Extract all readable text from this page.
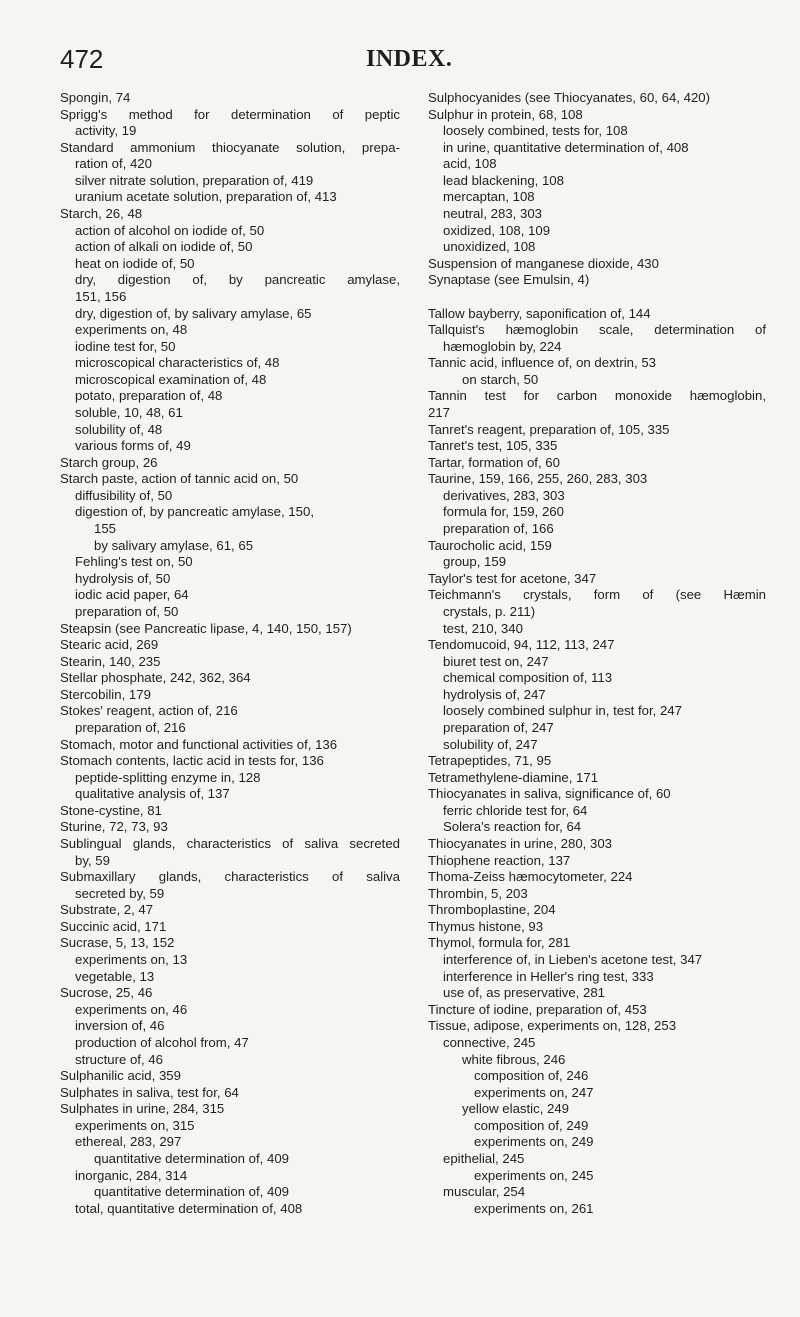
472	INDEX.
Spongin, 74
Sprigg's method for determination of peptic
activity, 19
Standard ammonium thiocyanate solution, prepa-
ration of, 420
silver nitrate solution, preparation of, 419
uranium acetate solution, preparation of, 413
Starch, 26, 48
action of alcohol on iodide of, 50
action of alkali on iodide of, 50
heat on iodide of, 50
dry, digestion of, by pancreatic amylase,
151, 156
dry, digestion of, by salivary amylase, 65
experiments on, 48
iodine test for, 50
microscopical characteristics of, 48
microscopical examination of, 48
potato, preparation of, 48
soluble, 10, 48, 61
solubility of, 48
various forms of, 49
Starch group, 26
Starch paste, action of tannic acid on, 50
diffusibility of, 50
digestion of, by pancreatic amylase, 150,
155
by salivary amylase, 61, 65
Fehling's test on, 50
hydrolysis of, 50
iodic acid paper, 64
preparation of, 50
Steapsin (see Pancreatic lipase, 4, 140, 150, 157)
Stearic acid, 269
Stearin, 140, 235
Stellar phosphate, 242, 362, 364
Stercobilin, 179
Stokes' reagent, action of, 216
preparation of, 216
Stomach, motor and functional activities of, 136
Stomach contents, lactic acid in tests for, 136
peptide-splitting enzyme in, 128
qualitative analysis of, 137
Stone-cystine, 81
Sturine, 72, 73, 93
Sublingual glands, characteristics of saliva secreted
by, 59
Submaxillary glands, characteristics of saliva
secreted by, 59
Substrate, 2, 47
Succinic acid, 171
Sucrase, 5, 13, 152
experiments on, 13
vegetable, 13
Sucrose, 25, 46
experiments on, 46
inversion of, 46
production of alcohol from, 47
structure of, 46
Sulphanilic acid, 359
Sulphates in saliva, test for, 64
Sulphates in urine, 284, 315
experiments on, 315
ethereal, 283, 297
quantitative determination of, 409
inorganic, 284, 314
quantitative determination of, 409
total, quantitative determination of, 408
Sulphocyanides (see Thiocyanates, 60, 64, 420)
Sulphur in protein, 68, 108
loosely combined, tests for, 108
in urine, quantitative determination of, 408
acid, 108
lead blackening, 108
mercaptan, 108
neutral, 283, 303
oxidized, 108, 109
unoxidized, 108
Suspension of manganese dioxide, 430
Synaptase (see Emulsin, 4)
Tallow bayberry, saponification of, 144
Tallquist's hæmoglobin scale, determination of
hæmoglobin by, 224
Tannic acid, influence of, on dextrin, 53
on starch, 50
Tannin test for carbon monoxide hæmoglobin,
217
Tanret's reagent, preparation of, 105, 335
Tanret's test, 105, 335
Tartar, formation of, 60
Taurine, 159, 166, 255, 260, 283, 303
derivatives, 283, 303
formula for, 159, 260
preparation of, 166
Taurocholic acid, 159
group, 159
Taylor's test for acetone, 347
Teichmann's crystals, form of (see Hæmin
crystals, p. 211)
test, 210, 340
Tendomucoid, 94, 112, 113, 247
biuret test on, 247
chemical composition of, 113
hydrolysis of, 247
loosely combined sulphur in, test for, 247
preparation of, 247
solubility of, 247
Tetrapeptides, 71, 95
Tetramethylene-diamine, 171
Thiocyanates in saliva, significance of, 60
ferric chloride test for, 64
Solera's reaction for, 64
Thiocyanates in urine, 280, 303
Thiophene reaction, 137
Thoma-Zeiss hæmocytometer, 224
Thrombin, 5, 203
Thromboplastine, 204
Thymus histone, 93
Thymol, formula for, 281
interference of, in Lieben's acetone test, 347
interference in Heller's ring test, 333
use of, as preservative, 281
Tincture of iodine, preparation of, 453
Tissue, adipose, experiments on, 128, 253
connective, 245
white fibrous, 246
composition of, 246
experiments on, 247
yellow elastic, 249
composition of, 249
experiments on, 249
epithelial, 245
experiments on, 245
muscular, 254
experiments on, 261
